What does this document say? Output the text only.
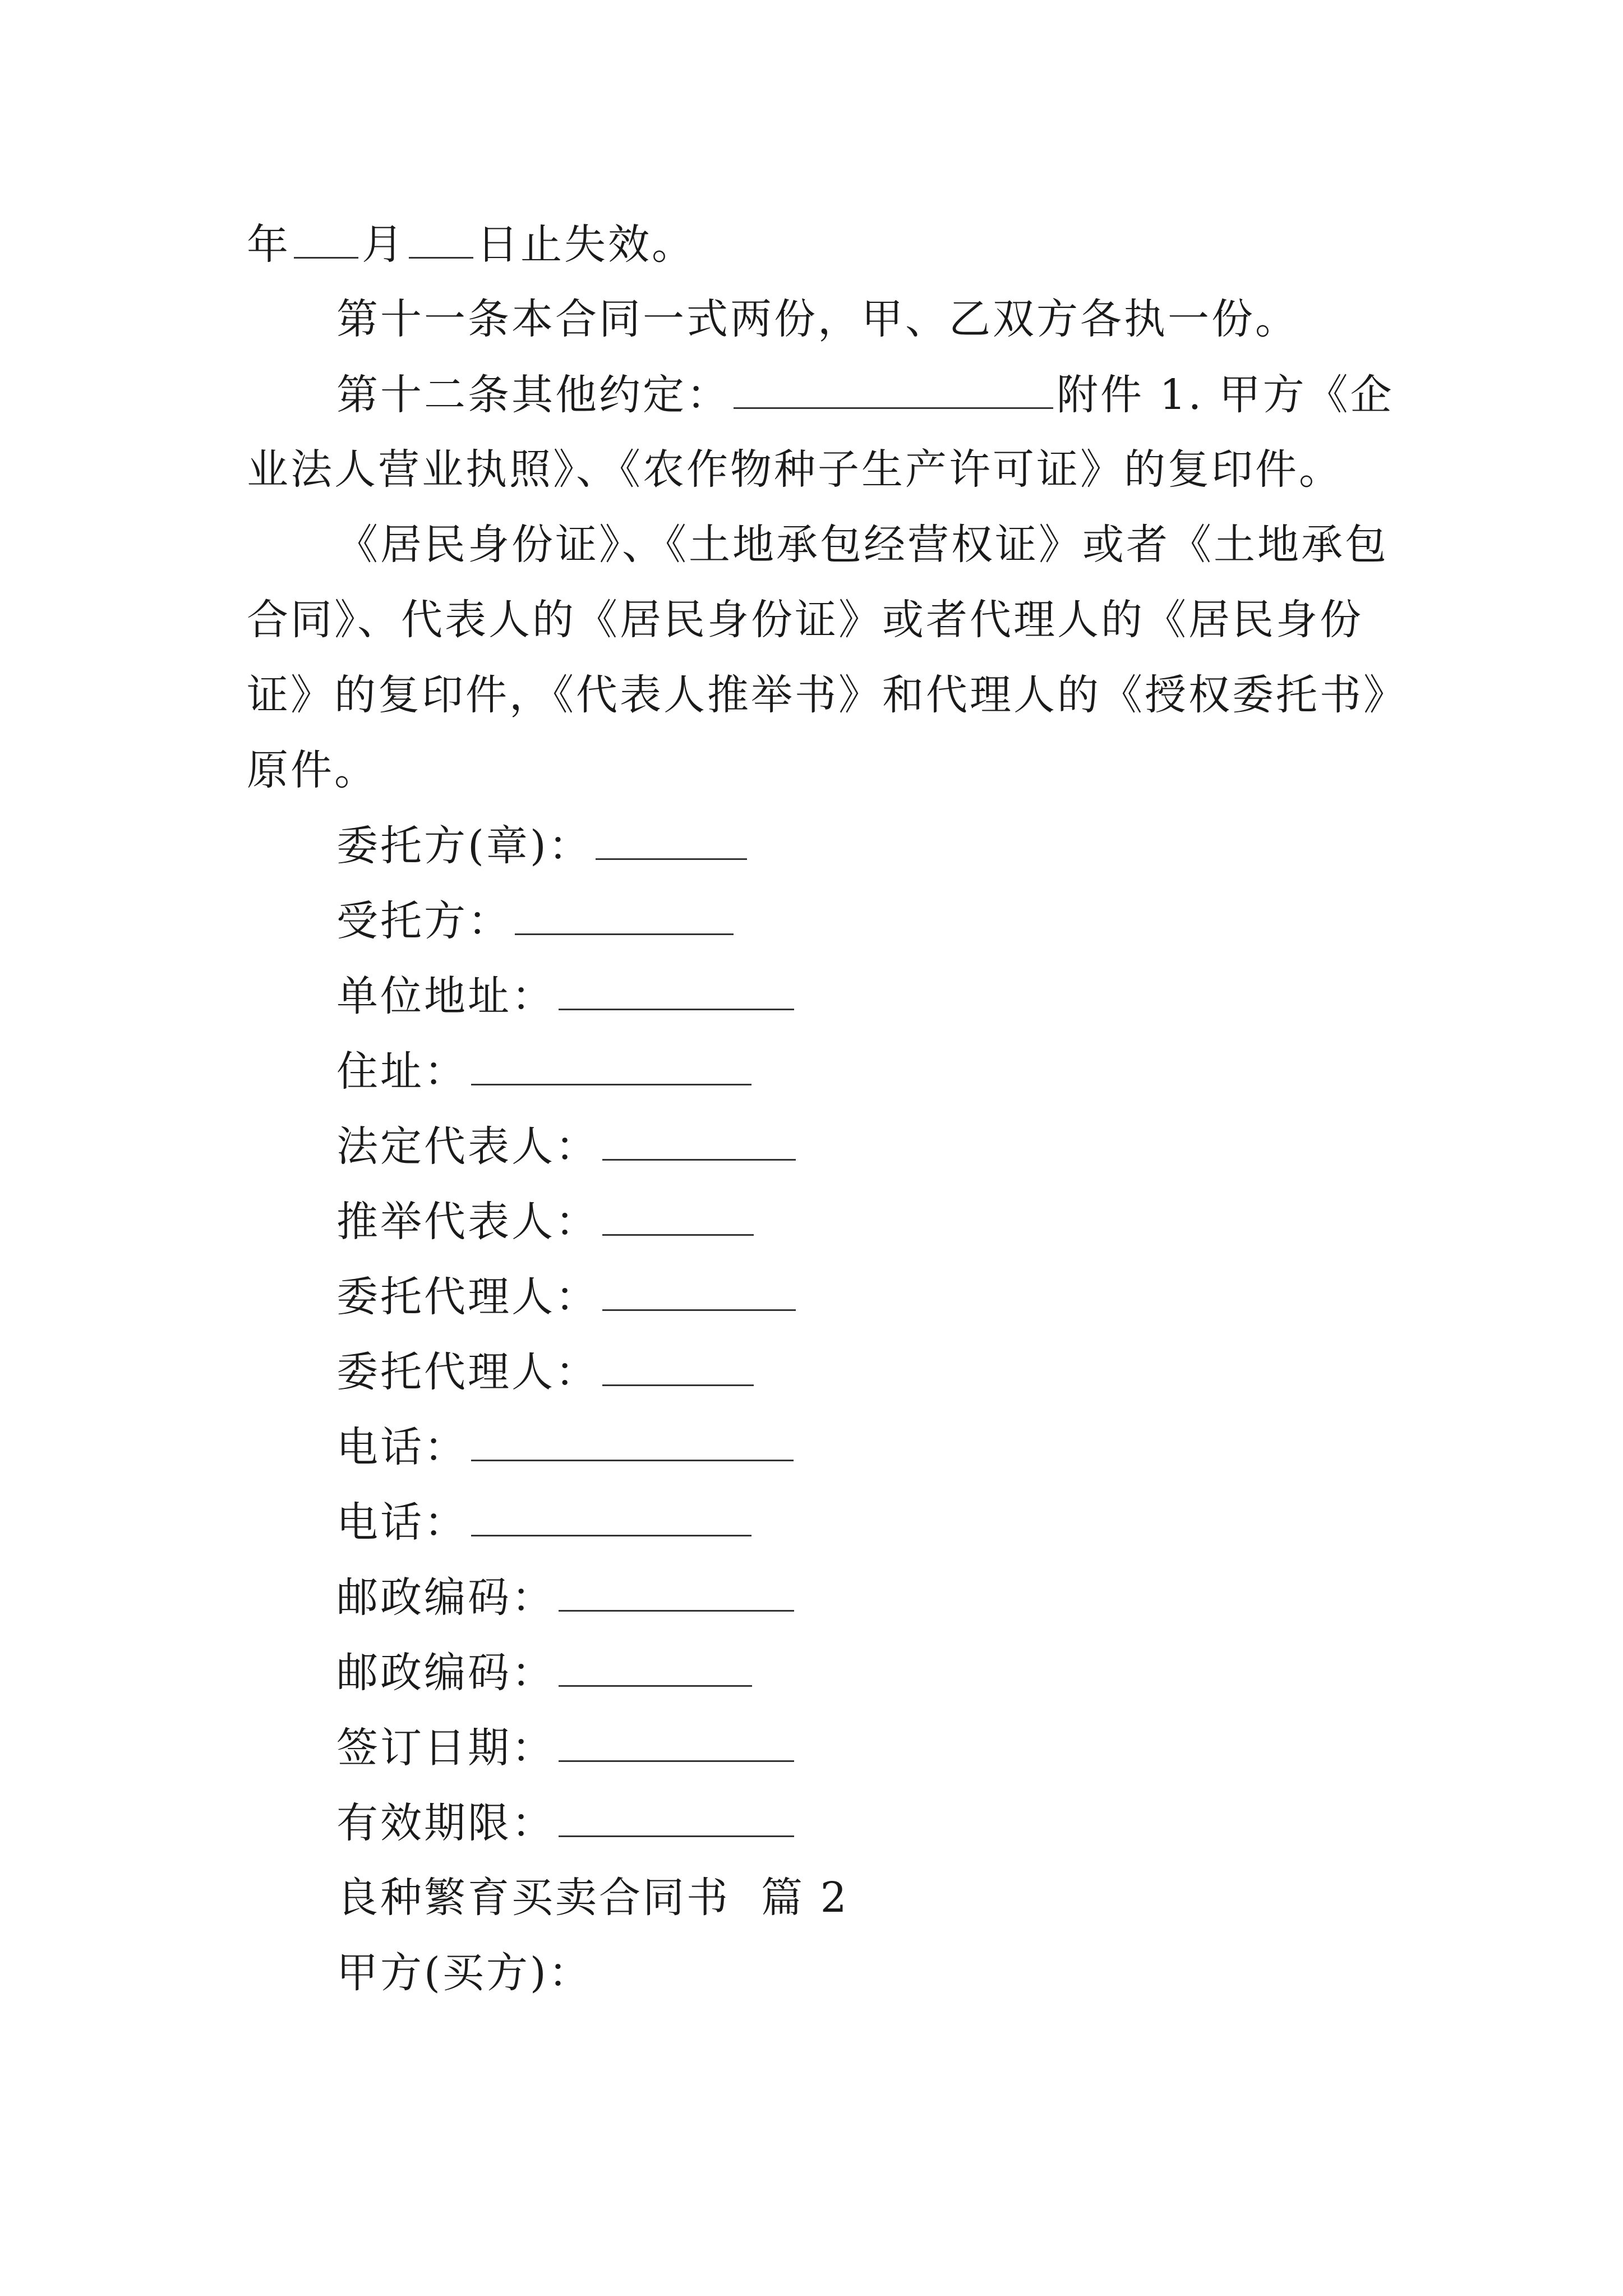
年 月 日止失效。
第十一条本合同一式两份，甲、乙双方各执一份。
第十二条其他约定：	附件 1. 甲方《企
业法人营业执照》、《农作物种子生产许可证》的复印件。
《居民身份证》、《土地承包经营权证》或者《土地承包
合同》、代表人的《居民身份证》或者代理人的《居民身份
证》的复印件，《代表人推举书》和代理人的《授权委托书》
原件。
委托方(章)：
受托方：
单位地址：
住址：
法定代表人：
推举代表人：
委托代理人：
委托代理人：
电话：
电话：
邮政编码：
邮政编码：
签订日期：
有效期限：
良种繁育买卖合同书  篇 2
甲方(买方)：
